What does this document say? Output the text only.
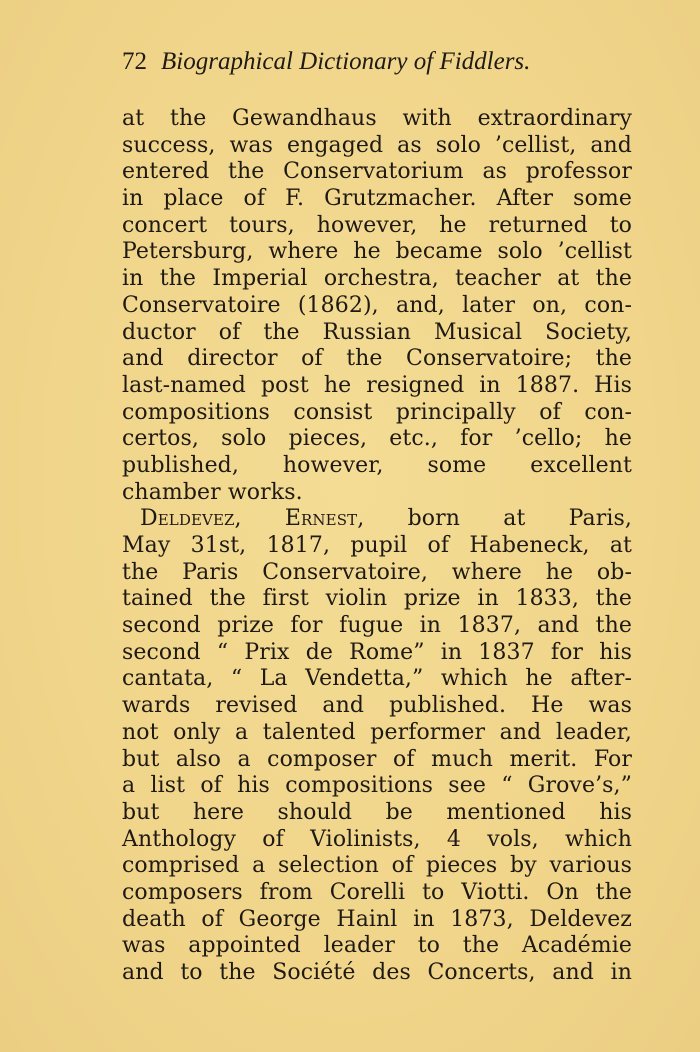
72 Biographical Dictionary of Fiddlers.
at the Gewandhaus with extraordinary
success, was engaged as solo ’cellist, and
entered the Conservatorium as professor
in place of F. Grutzmacher. After some
concert tours, however, he returned to
Petersburg, where he became solo ’cellist
in the Imperial orchestra, teacher at the
Conservatoire (1862), and, later on, con-
ductor of the Russian Musical Society,
and director of the Conservatoire; the
last-named post he resigned in 1887. His
compositions consist principally of con-
certos, solo pieces, etc., for ’cello; he
published, however, some excellent
chamber works.
Deldevez, Ernest, born at Paris,
May 31st, 1817, pupil of Habeneck, at
the Paris Conservatoire, where he ob-
tained the first violin prize in 1833, the
second prize for fugue in 1837, and the
second “ Prix de Rome” in 1837 for his
cantata, “ La Vendetta,” which he after-
wards revised and published. He was
not only a talented performer and leader,
but also a composer of much merit. For
a list of his compositions see “ Grove’s,”
but here should be mentioned his
Anthology of Violinists, 4 vols, which
comprised a selection of pieces by various
composers from Corelli to Viotti. On the
death of George Hainl in 1873, Deldevez
was appointed leader to the Académie
and to the Société des Concerts, and in
